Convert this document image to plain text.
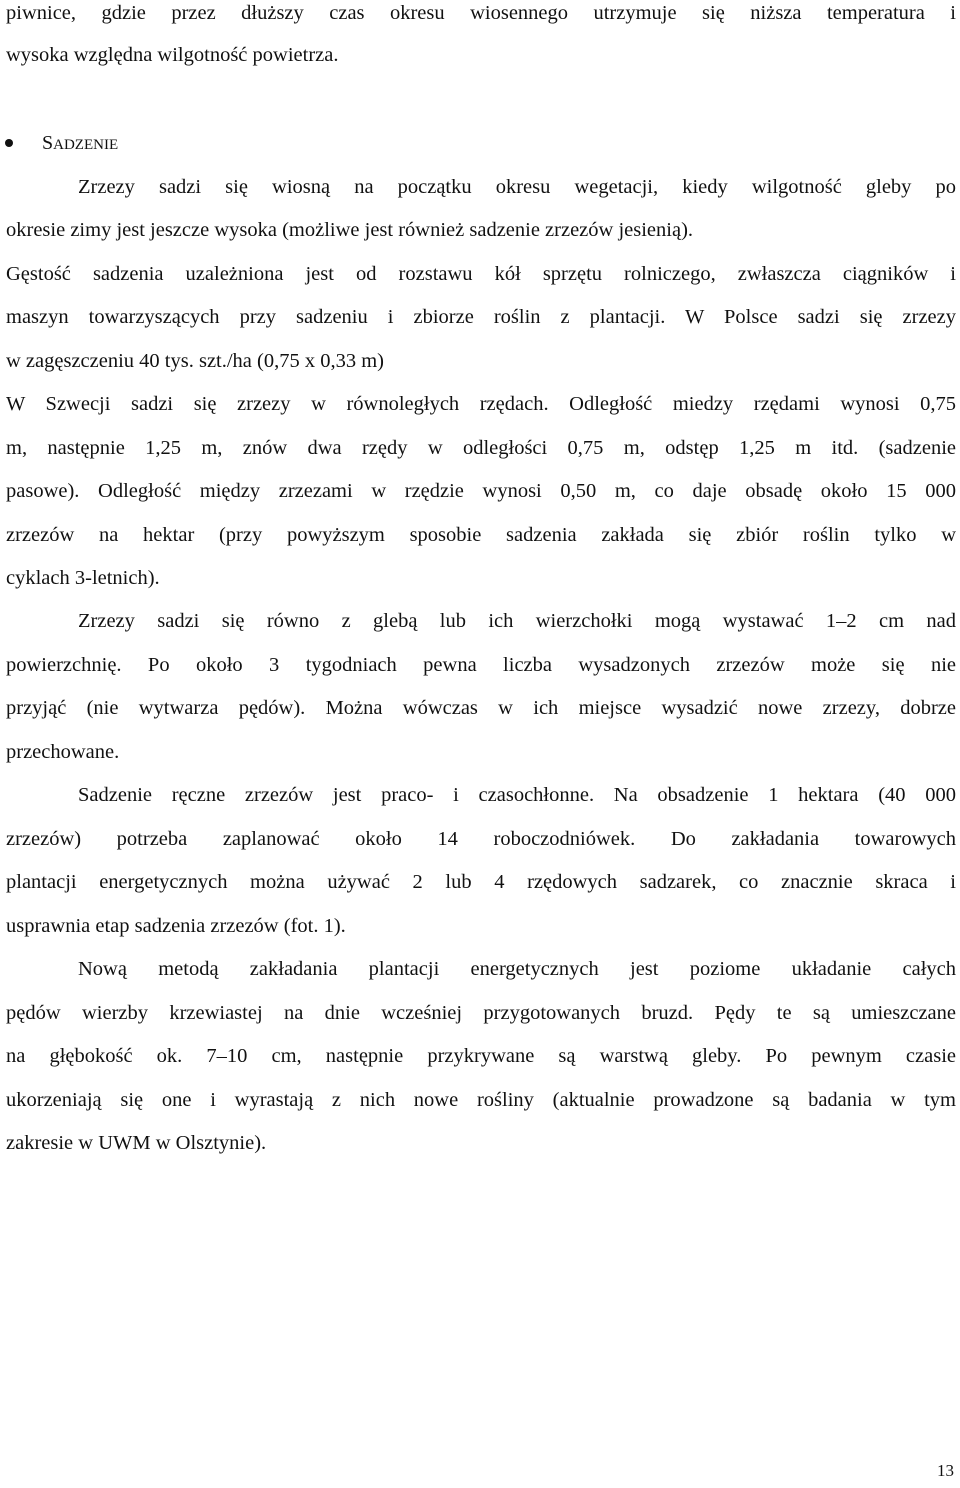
piwnice, gdzie przez dłuższy czas okresu wiosennego utrzymuje się niższa temperatura i
wysoka względna wilgotność powietrza.
SADZENIE
Zrzezy sadzi się wiosną na początku okresu wegetacji, kiedy wilgotność gleby po
okresie zimy jest jeszcze wysoka (możliwe jest również sadzenie zrzezów jesienią).
Gęstość sadzenia uzależniona jest od rozstawu kół sprzętu rolniczego, zwłaszcza ciągników i
maszyn towarzyszących przy sadzeniu i zbiorze roślin z plantacji. W Polsce sadzi się zrzezy
w zagęszczeniu 40 tys. szt./ha (0,75 x 0,33 m)
W Szwecji sadzi się zrzezy w równoległych rzędach. Odległość miedzy rzędami wynosi 0,75
m, następnie 1,25 m, znów dwa rzędy w odległości 0,75 m, odstęp 1,25 m itd. (sadzenie
pasowe). Odległość między zrzezami w rzędzie wynosi 0,50 m, co daje obsadę około 15 000
zrzezów na hektar (przy powyższym sposobie sadzenia zakłada się zbiór roślin tylko w
cyklach 3-letnich).
Zrzezy sadzi się równo z glebą lub ich wierzchołki mogą wystawać 1–2 cm nad
powierzchnię. Po około 3 tygodniach pewna liczba wysadzonych zrzezów może się nie
przyjąć (nie wytwarza pędów). Można wówczas w ich miejsce wysadzić nowe zrzezy, dobrze
przechowane.
Sadzenie ręczne zrzezów jest praco- i czasochłonne. Na obsadzenie 1 hektara (40 000
zrzezów) potrzeba zaplanować około 14 roboczodniówek. Do zakładania towarowych
plantacji energetycznych można używać 2 lub 4 rzędowych sadzarek, co znacznie skraca i
usprawnia etap sadzenia zrzezów (fot. 1).
Nową metodą zakładania plantacji energetycznych jest poziome układanie całych
pędów wierzby krzewiastej na dnie wcześniej przygotowanych bruzd. Pędy te są umieszczane
na głębokość ok. 7–10 cm, następnie przykrywane są warstwą gleby. Po pewnym czasie
ukorzeniają się one i wyrastają z nich nowe rośliny (aktualnie prowadzone są badania w tym
zakresie w UWM w Olsztynie).
13
